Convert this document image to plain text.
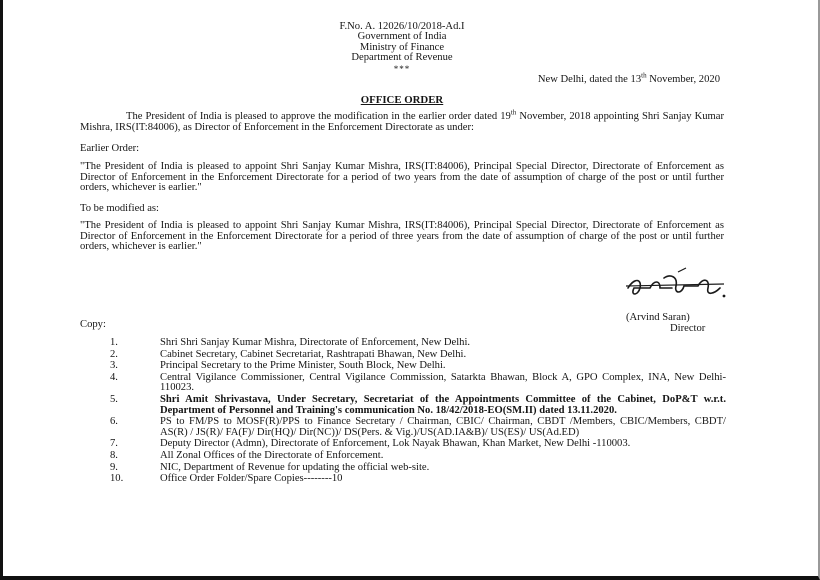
F.No. A. 12026/10/2018-Ad.I
Government of India
Ministry of Finance
Department of Revenue
***
New Delhi, dated the 13th November, 2020
OFFICE ORDER

The President of India is pleased to approve the modification in the earlier order dated 19th November, 2018 appointing Shri Sanjay Kumar Mishra, IRS(IT:84006), as Director of Enforcement in the Enforcement Directorate as under:

Earlier Order:

"The President of India is pleased to appoint Shri Sanjay Kumar Mishra, IRS(IT:84006), Principal Special Director, Directorate of Enforcement as Director of Enforcement in the Enforcement Directorate for a period of two years from the date of assumption of charge of the post or until further orders, whichever is earlier."

To be modified as:

"The President of India is pleased to appoint Shri Sanjay Kumar Mishra, IRS(IT:84006), Principal Special Director, Directorate of Enforcement as Director of Enforcement in the Enforcement Directorate for a period of three years from the date of assumption of charge of the post or until further orders, whichever is earlier."

(Arvind Saran)
Director
Copy:
1.	Shri Shri Sanjay Kumar Mishra, Directorate of Enforcement, New Delhi.
2.	Cabinet Secretary, Cabinet Secretariat, Rashtrapati Bhawan, New Delhi.
3.	Principal Secretary to the Prime Minister, South Block, New Delhi.
4.	Central Vigilance Commissioner, Central Vigilance Commission, Satarkta Bhawan, Block A, GPO Complex, INA, New Delhi-110023.
5.	Shri Amit Shrivastava, Under Secretary, Secretariat of the Appointments Committee of the Cabinet, DoP&T w.r.t. Department of Personnel and Training's communication No. 18/42/2018-EO(SM.II) dated 13.11.2020.
6.	PS to FM/PS to MOSF(R)/PPS to Finance Secretary / Chairman, CBIC/ Chairman, CBDT /Members, CBIC/Members, CBDT/ AS(R) / JS(R)/ FA(F)/ Dir(HQ)/ Dir(NC))/ DS(Pers. & Vig.)/US(AD.IA&B)/ US(ES)/ US(Ad.ED)
7.	Deputy Director (Admn), Directorate of Enforcement, Lok Nayak Bhawan, Khan Market, New Delhi -110003.
8.	All Zonal Offices of the Directorate of Enforcement.
9.	NIC, Department of Revenue for updating the official web-site.
10.	Office Order Folder/Spare Copies--------10
